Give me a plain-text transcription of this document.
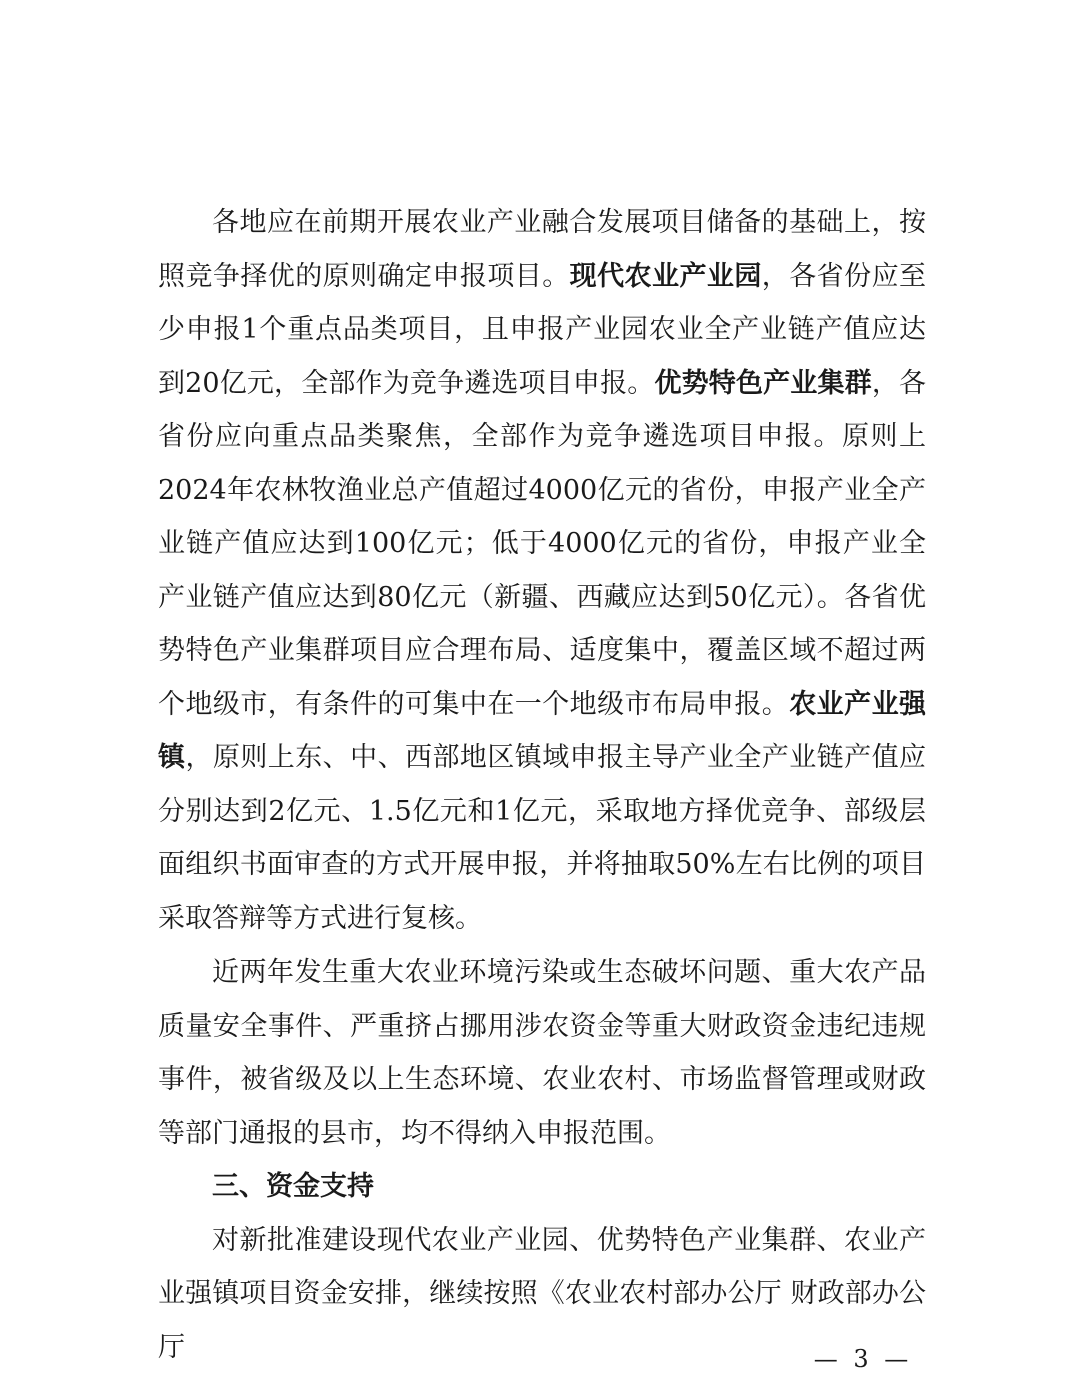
各地应在前期开展农业产业融合发展项目储备的基础上，按照竞争择优的原则确定申报项目。现代农业产业园，各省份应至少申报1个重点品类项目，且申报产业园农业全产业链产值应达到20亿元，全部作为竞争遴选项目申报。优势特色产业集群，各省份应向重点品类聚焦，全部作为竞争遴选项目申报。原则上2024年农林牧渔业总产值超过4000亿元的省份，申报产业全产业链产值应达到100亿元；低于4000亿元的省份，申报产业全产业链产值应达到80亿元（新疆、西藏应达到50亿元）。各省优势特色产业集群项目应合理布局、适度集中，覆盖区域不超过两个地级市，有条件的可集中在一个地级市布局申报。农业产业强镇，原则上东、中、西部地区镇域申报主导产业全产业链产值应分别达到2亿元、1.5亿元和1亿元，采取地方择优竞争、部级层面组织书面审查的方式开展申报，并将抽取50%左右比例的项目采取答辩等方式进行复核。

近两年发生重大农业环境污染或生态破坏问题、重大农产品质量安全事件、严重挤占挪用涉农资金等重大财政资金违纪违规事件，被省级及以上生态环境、农业农村、市场监督管理或财政等部门通报的县市，均不得纳入申报范围。

三、资金支持

对新批准建设现代农业产业园、优势特色产业集群、农业产业强镇项目资金安排，继续按照《农业农村部办公厅 财政部办公厅	— 3 —
